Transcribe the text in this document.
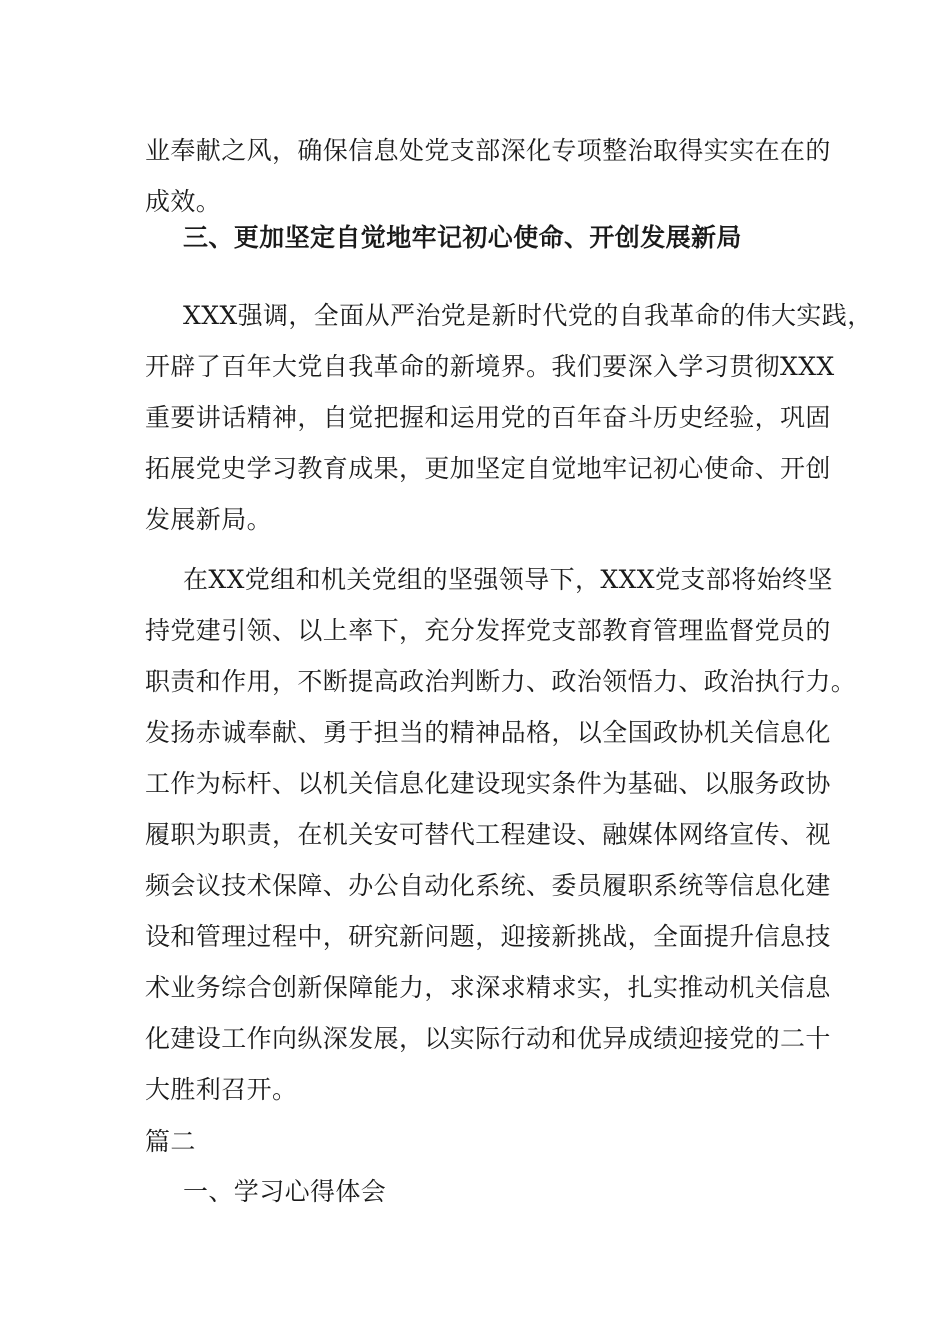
业奉献之风，确保信息处党支部深化专项整治取得实实在在的
成效。
三、更加坚定自觉地牢记初心使命、开创发展新局
XXX强调，全面从严治党是新时代党的自我革命的伟大实践，
开辟了百年大党自我革命的新境界。我们要深入学习贯彻XXX
重要讲话精神，自觉把握和运用党的百年奋斗历史经验，巩固
拓展党史学习教育成果，更加坚定自觉地牢记初心使命、开创
发展新局。
在XX党组和机关党组的坚强领导下，XXX党支部将始终坚
持党建引领、以上率下，充分发挥党支部教育管理监督党员的
职责和作用，不断提高政治判断力、政治领悟力、政治执行力。
发扬赤诚奉献、勇于担当的精神品格，以全国政协机关信息化
工作为标杆、以机关信息化建设现实条件为基础、以服务政协
履职为职责，在机关安可替代工程建设、融媒体网络宣传、视
频会议技术保障、办公自动化系统、委员履职系统等信息化建
设和管理过程中，研究新问题，迎接新挑战，全面提升信息技
术业务综合创新保障能力，求深求精求实，扎实推动机关信息
化建设工作向纵深发展，以实际行动和优异成绩迎接党的二十
大胜利召开。
篇二
一、学习心得体会
